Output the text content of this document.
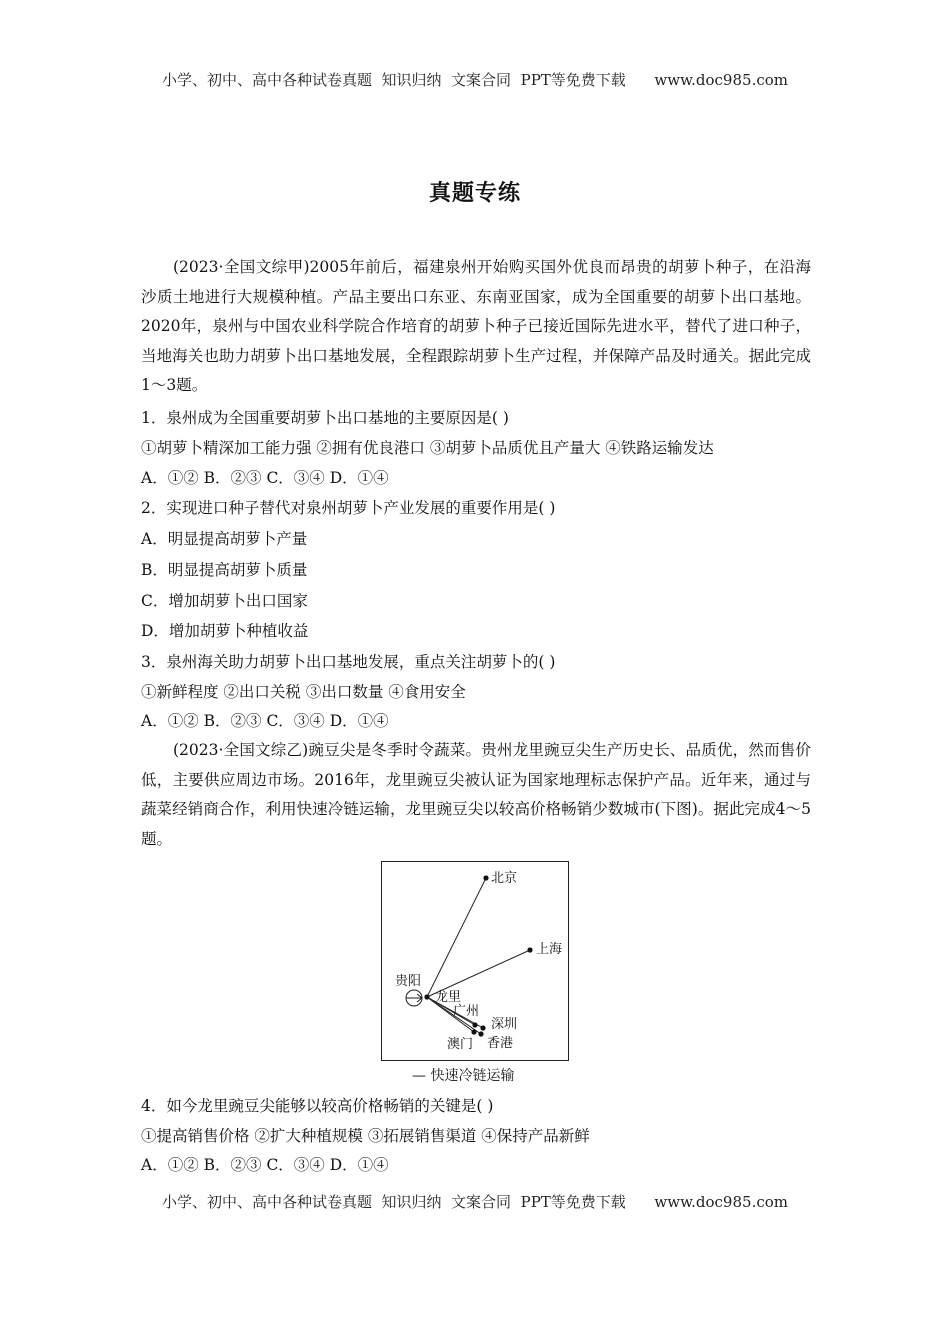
小学、初中、高中各种试卷真题  知识归纳  文案合同  PPT等免费下载      www.doc985.com
真题专练
(2023·全国文综甲)2005年前后，福建泉州开始购买国外优良而昂贵的胡萝卜种子，在沿海沙质土地进行大规模种植。产品主要出口东亚、东南亚国家，成为全国重要的胡萝卜出口基地。2020年，泉州与中国农业科学院合作培育的胡萝卜种子已接近国际先进水平，替代了进口种子，当地海关也助力胡萝卜出口基地发展，全程跟踪胡萝卜生产过程，并保障产品及时通关。据此完成1～3题。
1．泉州成为全国重要胡萝卜出口基地的主要原因是( )
①胡萝卜精深加工能力强 ②拥有优良港口 ③胡萝卜品质优且产量大 ④铁路运输发达
A．①② B．②③ C．③④ D．①④
2．实现进口种子替代对泉州胡萝卜产业发展的重要作用是( )
A．明显提高胡萝卜产量
B．明显提高胡萝卜质量
C．增加胡萝卜出口国家
D．增加胡萝卜种植收益
3．泉州海关助力胡萝卜出口基地发展，重点关注胡萝卜的( )
①新鲜程度 ②出口关税 ③出口数量 ④食用安全
A．①② B．②③ C．③④ D．①④
(2023·全国文综乙)豌豆尖是冬季时令蔬菜。贵州龙里豌豆尖生产历史长、品质优，然而售价低，主要供应周边市场。2016年，龙里豌豆尖被认证为国家地理标志保护产品。近年来，通过与蔬菜经销商合作，利用快速冷链运输，龙里豌豆尖以较高价格畅销少数城市(下图)。据此完成4～5题。
北京
上海
贵阳
龙里
广州
深圳
澳门 香港
— 快速冷链运输
4．如今龙里豌豆尖能够以较高价格畅销的关键是( )
①提高销售价格 ②扩大种植规模 ③拓展销售渠道 ④保持产品新鲜
A．①② B．②③ C．③④ D．①④
小学、初中、高中各种试卷真题  知识归纳  文案合同  PPT等免费下载      www.doc985.com
